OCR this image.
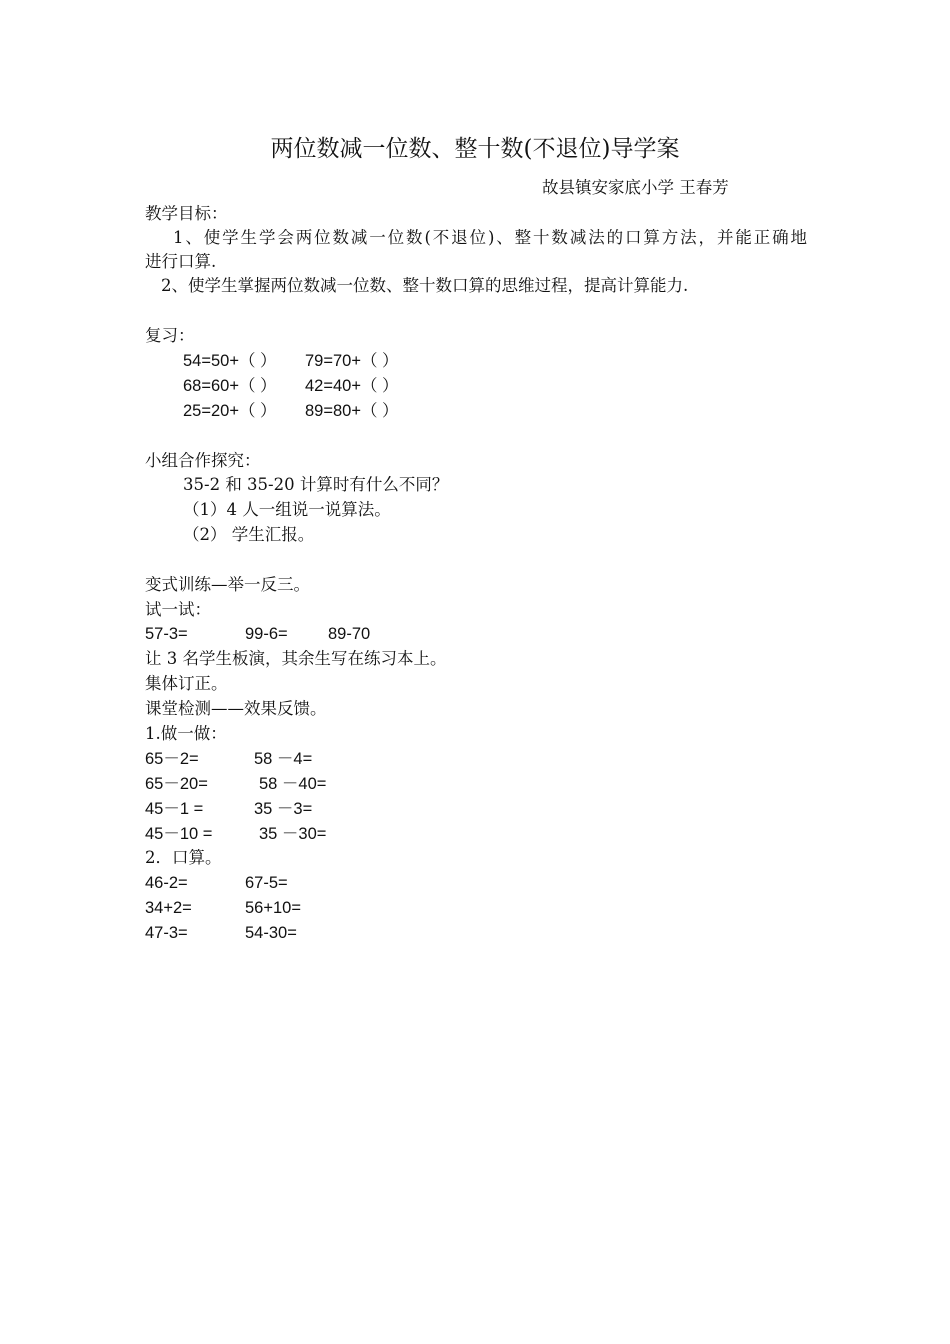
两位数减一位数、整十数(不退位)导学案
故县镇安家底小学 王春芳
教学目标：
1、使学生学会两位数减一位数(不退位)、整十数减法的口算方法，并能正确地
进行口算.
2、使学生掌握两位数减一位数、整十数口算的思维过程，提高计算能力.
复习：
54=50+（ ） 79=70+（ ）
68=60+（ ） 42=40+（ ）
25=20+（ ） 89=80+（ ）
小组合作探究：
35-2 和 35-20 计算时有什么不同？
（1）4 人一组说一说算法。
（2） 学生汇报。
变式训练—举一反三。
试一试：
57-3=	99-6= 89-70
让 3 名学生板演，其余生写在练习本上。
集体订正。
课堂检测——效果反馈。
1.做一做：
65－2=	58 －4=
65－20=	58 －40=
45－1 =	35 －3=
45－10 =	35 －30=
2．口算。
46-2=	67-5=
34+2=	56+10=
47-3=	54-30=
